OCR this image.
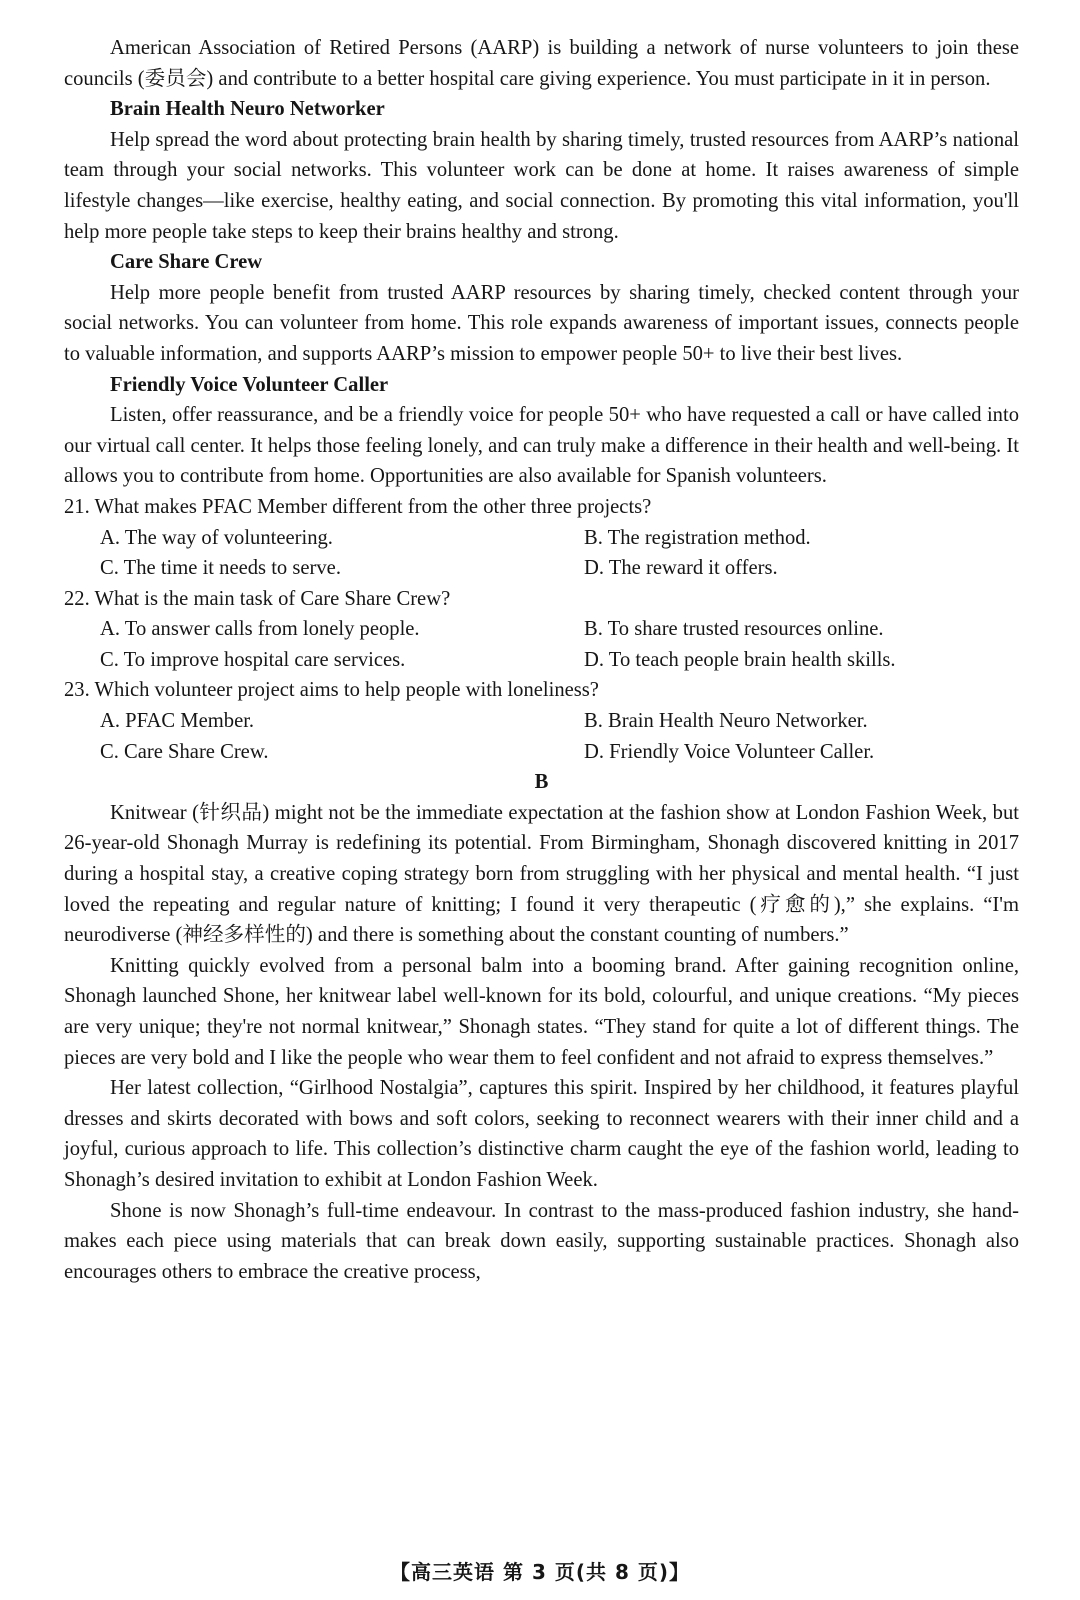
American Association of Retired Persons (AARP) is building a network of nurse volunteers to join these councils (委员会) and contribute to a better hospital care giving experience. You must participate in it in person.

Brain Health Neuro Networker

Help spread the word about protecting brain health by sharing timely, trusted resources from AARP’s national team through your social networks. This volunteer work can be done at home. It raises awareness of simple lifestyle changes—like exercise, healthy eating, and social connection. By promoting this vital information, you'll help more people take steps to keep their brains healthy and strong.

Care Share Crew

Help more people benefit from trusted AARP resources by sharing timely, checked content through your social networks. You can volunteer from home. This role expands awareness of important issues, connects people to valuable information, and supports AARP’s mission to empower people 50+ to live their best lives.

Friendly Voice Volunteer Caller

Listen, offer reassurance, and be a friendly voice for people 50+ who have requested a call or have called into our virtual call center. It helps those feeling lonely, and can truly make a difference in their health and well-being. It allows you to contribute from home. Opportunities are also available for Spanish volunteers.

21. What makes PFAC Member different from the other three projects?
A. The way of volunteering.	B. The registration method.
C. The time it needs to serve.	D. The reward it offers.
22. What is the main task of Care Share Crew?
A. To answer calls from lonely people.	B. To share trusted resources online.
C. To improve hospital care services.	D. To teach people brain health skills.
23. Which volunteer project aims to help people with loneliness?
A. PFAC Member.	B. Brain Health Neuro Networker.
C. Care Share Crew.	D. Friendly Voice Volunteer Caller.
B

Knitwear (针织品) might not be the immediate expectation at the fashion show at London Fashion Week, but 26-year-old Shonagh Murray is redefining its potential. From Birmingham, Shonagh discovered knitting in 2017 during a hospital stay, a creative coping strategy born from struggling with her physical and mental health. “I just loved the repeating and regular nature of knitting; I found it very therapeutic (疗愈的),” she explains. “I'm neurodiverse (神经多样性的) and there is something about the constant counting of numbers.”

Knitting quickly evolved from a personal balm into a booming brand. After gaining recognition online, Shonagh launched Shone, her knitwear label well-known for its bold, colourful, and unique creations. “My pieces are very unique; they're not normal knitwear,” Shonagh states. “They stand for quite a lot of different things. The pieces are very bold and I like the people who wear them to feel confident and not afraid to express themselves.”

Her latest collection, “Girlhood Nostalgia”, captures this spirit. Inspired by her childhood, it features playful dresses and skirts decorated with bows and soft colors, seeking to reconnect wearers with their inner child and a joyful, curious approach to life. This collection’s distinctive charm caught the eye of the fashion world, leading to Shonagh’s desired invitation to exhibit at London Fashion Week.

Shone is now Shonagh’s full-time endeavour. In contrast to the mass-produced fashion industry, she hand-makes each piece using materials that can break down easily, supporting sustainable practices. Shonagh also encourages others to embrace the creative process,

【高三英语 第 3 页(共 8 页)】
